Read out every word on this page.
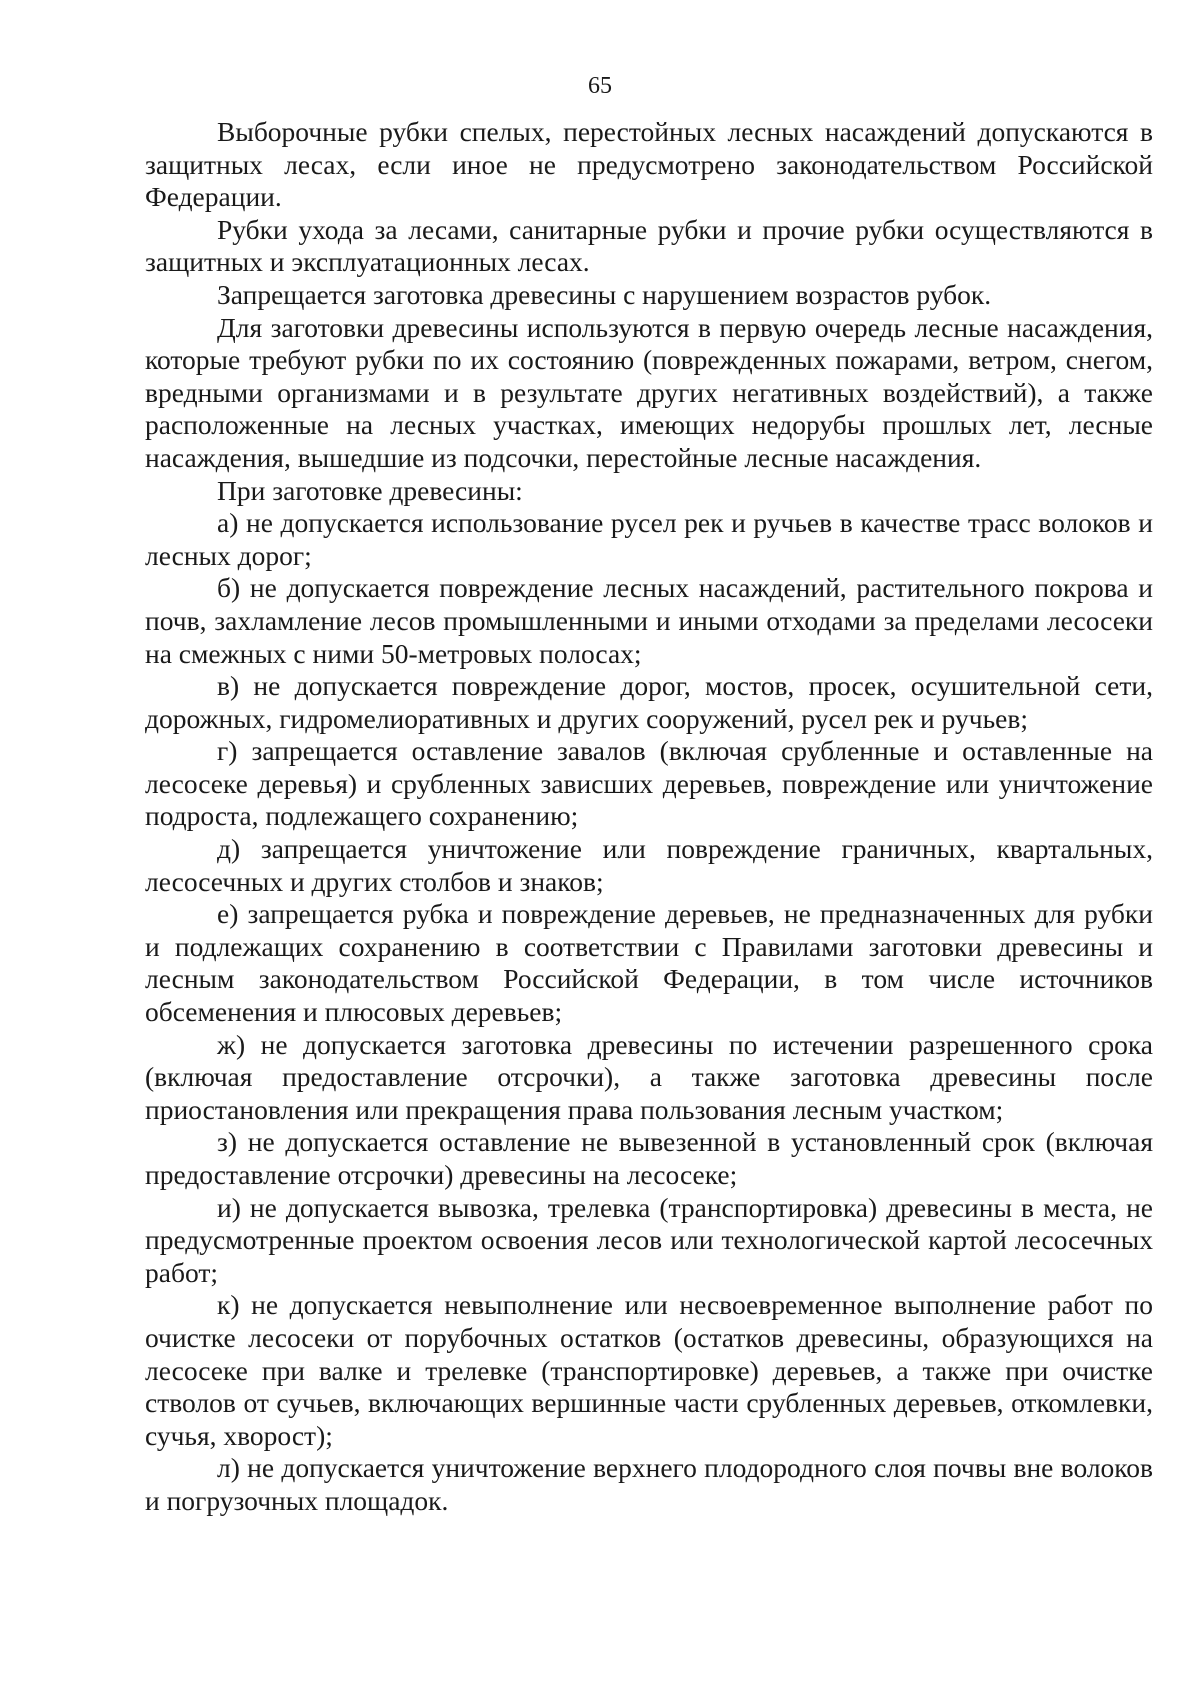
65

Выборочные рубки спелых, перестойных лесных насаждений допускаются в защитных лесах, если иное не предусмотрено законодательством Российской Федерации.

Рубки ухода за лесами, санитарные рубки и прочие рубки осуществляются в защитных и эксплуатационных лесах.

Запрещается заготовка древесины с нарушением возрастов рубок.

Для заготовки древесины используются в первую очередь лесные насаждения, которые требуют рубки по их состоянию (поврежденных пожарами, ветром, снегом, вредными организмами и в результате других негативных воздействий), а также расположенные на лесных участках, имеющих недорубы прошлых лет, лесные насаждения, вышедшие из подсочки, перестойные лесные насаждения.

При заготовке древесины:

а) не допускается использование русел рек и ручьев в качестве трасс волоков и лесных дорог;

б) не допускается повреждение лесных насаждений, растительного покрова и почв, захламление лесов промышленными и иными отходами за пределами лесосеки на смежных с ними 50-метровых полосах;

в) не допускается повреждение дорог, мостов, просек, осушительной сети, дорожных, гидромелиоративных и других сооружений, русел рек и ручьев;

г) запрещается оставление завалов (включая срубленные и оставленные на лесосеке деревья) и срубленных зависших деревьев, повреждение или уничтожение подроста, подлежащего сохранению;

д) запрещается уничтожение или повреждение граничных, квартальных, лесосечных и других столбов и знаков;

е) запрещается рубка и повреждение деревьев, не предназначенных для рубки и подлежащих сохранению в соответствии с Правилами заготовки древесины и лесным законодательством Российской Федерации, в том числе источников обсеменения и плюсовых деревьев;

ж) не допускается заготовка древесины по истечении разрешенного срока (включая предоставление отсрочки), а также заготовка древесины после приостановления или прекращения права пользования лесным участком;

з) не допускается оставление не вывезенной в установленный срок (включая предоставление отсрочки) древесины на лесосеке;

и) не допускается вывозка, трелевка (транспортировка) древесины в места, не предусмотренные проектом освоения лесов или технологической картой лесосечных работ;

к) не допускается невыполнение или несвоевременное выполнение работ по очистке лесосеки от порубочных остатков (остатков древесины, образующихся на лесосеке при валке и трелевке (транспортировке) деревьев, а также при очистке стволов от сучьев, включающих вершинные части срубленных деревьев, откомлевки, сучья, хворост);

л) не допускается уничтожение верхнего плодородного слоя почвы вне волоков и погрузочных площадок.
